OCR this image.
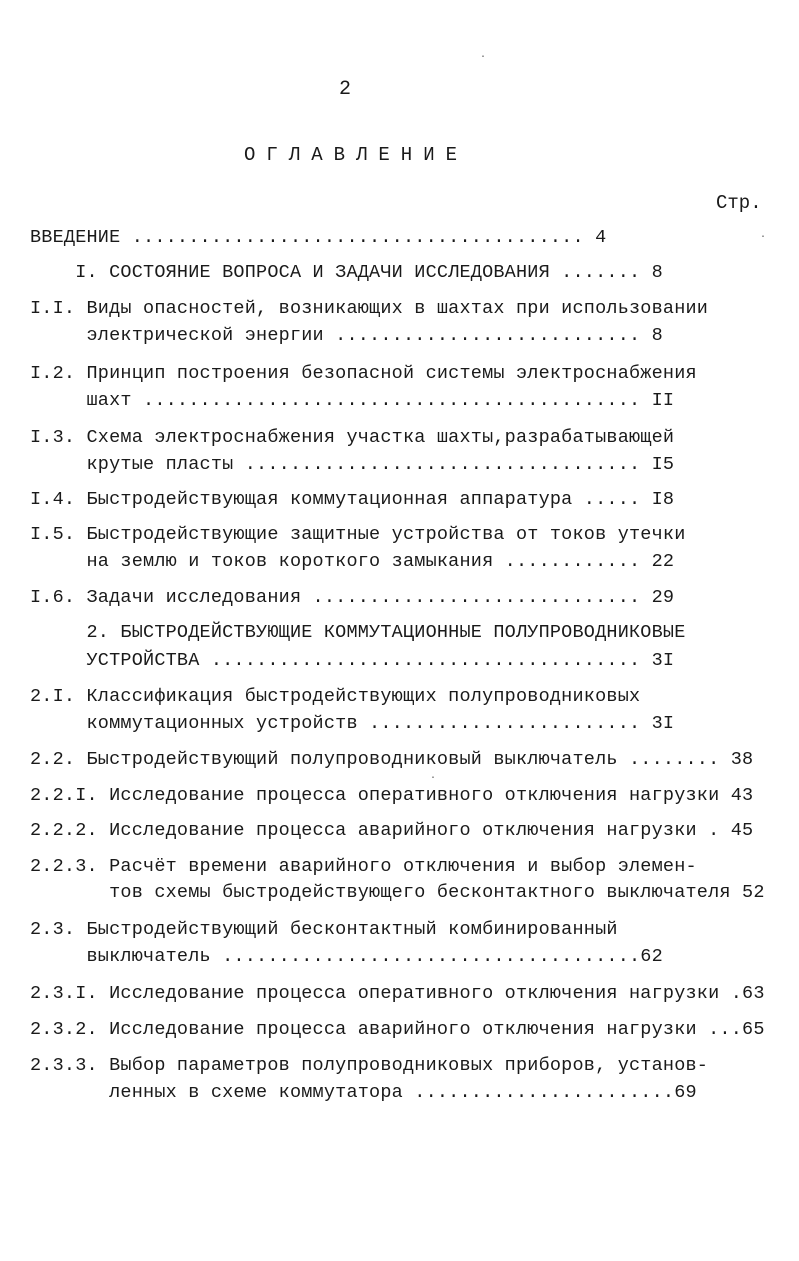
2
ОГЛАВЛЕНИЕ
Стр.
ВВЕДЕНИЕ ........................................ 4
I. СОСТОЯНИЕ ВОПРОСА И ЗАДАЧИ ИССЛЕДОВАНИЯ ....... 8
I.I. Виды опасностей, возникающих в шахтах при использовании
электрической энергии ........................... 8
I.2. Принцип построения безопасной системы электроснабжения
шахт ............................................ II
I.3. Схема электроснабжения участка шахты,разрабатывающей
крутые пласты ................................... I5
I.4. Быстродействующая коммутационная аппаратура ..... I8
I.5. Быстродействующие защитные устройства от токов утечки
на землю и токов короткого замыкания ............ 22
I.6. Задачи исследования ............................. 29
2. БЫСТРОДЕЙСТВУЮЩИЕ КОММУТАЦИОННЫЕ ПОЛУПРОВОДНИКОВЫЕ
УСТРОЙСТВА ...................................... 3I
2.I. Классификация быстродействующих полупроводниковых
коммутационных устройств ........................ 3I
2.2. Быстродействующий полупроводниковый выключатель ........ 38
2.2.I. Исследование процесса оперативного отключения нагрузки 43
2.2.2. Исследование процесса аварийного отключения нагрузки . 45
2.2.3. Расчёт времени аварийного отключения и выбор элемен-
тов схемы быстродействующего бесконтактного выключателя 52
2.3. Быстродействующий бесконтактный комбинированный
выключатель .....................................62
2.3.I. Исследование процесса оперативного отключения нагрузки .63
2.3.2. Исследование процесса аварийного отключения нагрузки ...65
2.3.3. Выбор параметров полупроводниковых приборов, установ-
ленных в схеме коммутатора .......................69
·
·
·
